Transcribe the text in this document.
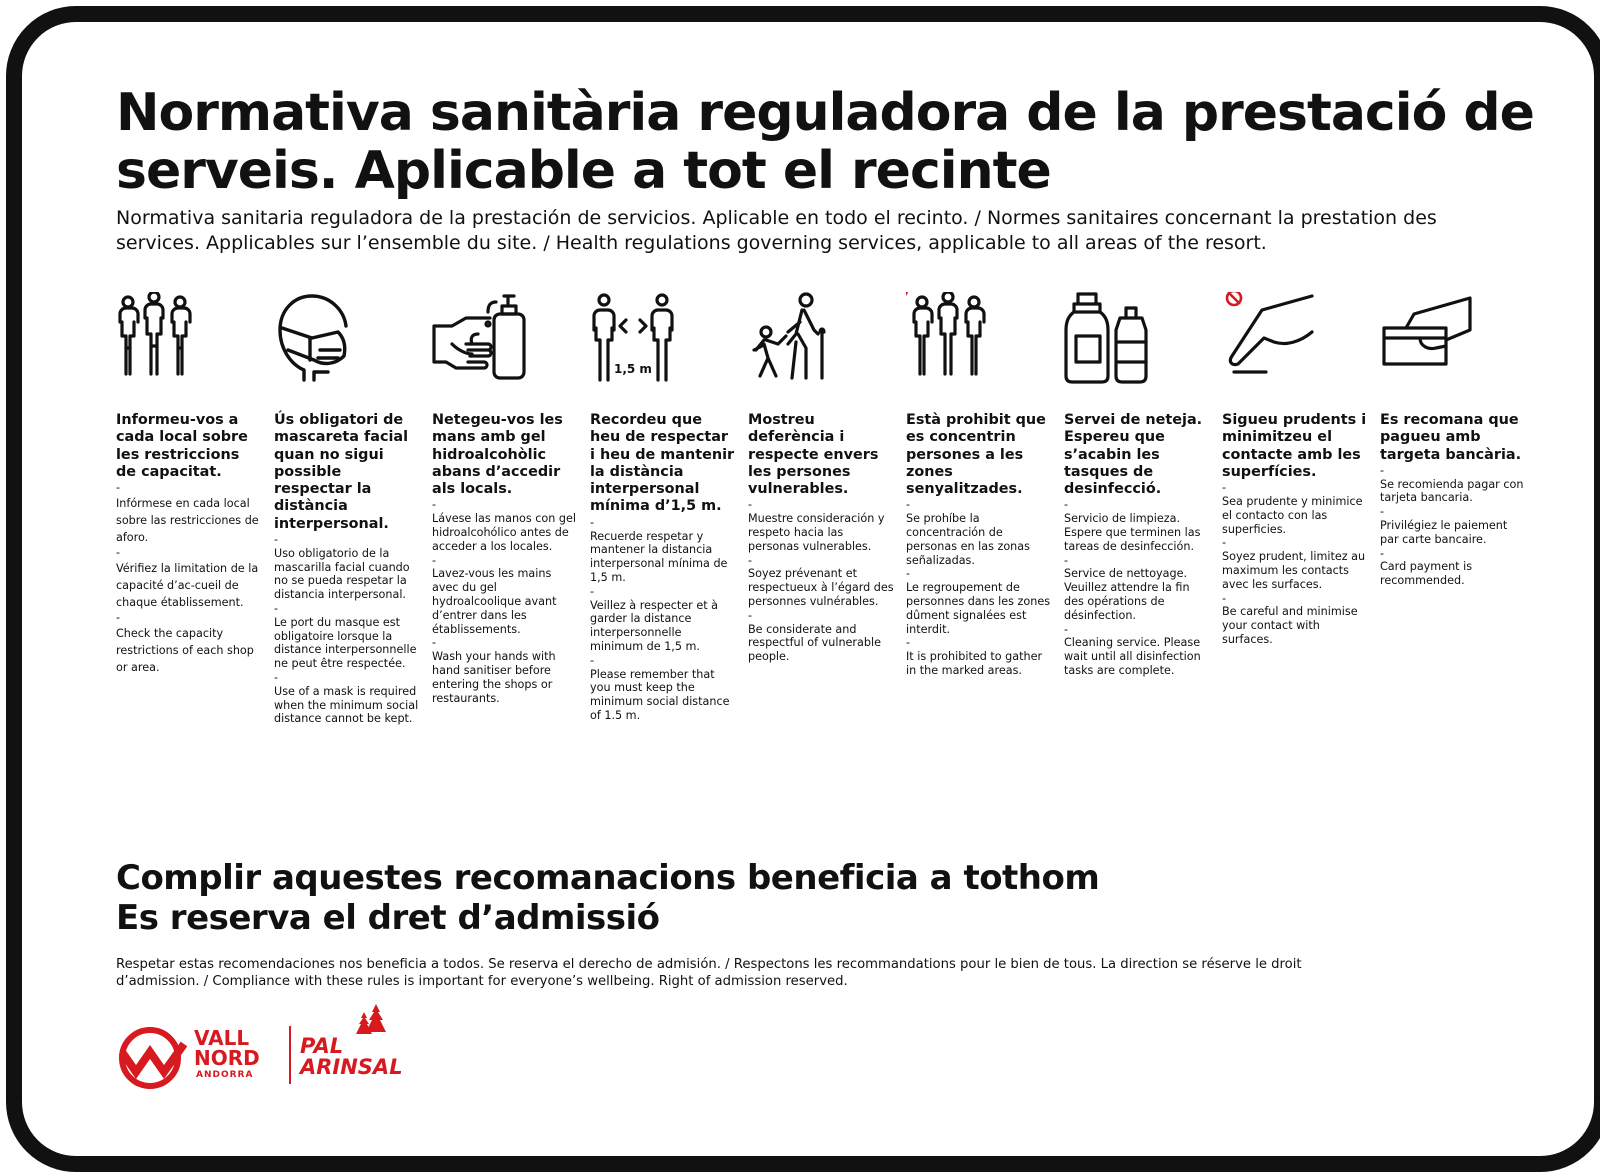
Normativa sanitària reguladora de la prestació de serveis. Aplicable a tot el recinte

Normativa sanitaria reguladora de la prestación de servicios. Aplicable en todo el recinto. / Normes sanitaires concernant la prestation des services. Applicables sur l’ensemble du site. / Health regulations governing services, applicable to all areas of the resort.

Informeu-vos a cada local sobre les restriccions de capacitat.
-
Infórmese en cada local sobre las restricciones de aforo.
-
Vérifiez la limitation de la capacité d’ac-cueil de chaque établissement.
-
Check the capacity restrictions of each shop or area.
Ús obligatori de mascareta facial quan no sigui possible respectar la distància interpersonal.
-
Uso obligatorio de la mascarilla facial cuando no se pueda respetar la distancia interpersonal.
-
Le port du masque est obligatoire lorsque la distance interpersonnelle ne peut être respectée.
-
Use of a mask is required when the minimum social distance cannot be kept.
Netegeu-vos les mans amb gel hidroalcohòlic abans d’accedir als locals.
-
Lávese las manos con gel hidroalcohólico antes de acceder a los locales.
-
Lavez-vous les mains avec du gel hydroalcoolique avant d’entrer dans les établissements.
-
Wash your hands with hand sanitiser before entering the shops or restaurants.
1,5 m
Recordeu que heu de respectar i heu de mantenir la distància interpersonal mínima d’1,5 m.
-
Recuerde respetar y mantener la distancia interpersonal mínima de 1,5 m.
-
Veillez à respecter et à garder la distance interpersonnelle minimum de 1,5 m.
-
Please remember that you must keep the minimum social distance of 1.5 m.
Mostreu deferència i respecte envers les persones vulnerables.
-
Muestre consideración y respeto hacia las personas vulnerables.
-
Soyez prévenant et respectueux à l’égard des personnes vulnérables.
-
Be considerate and respectful of vulnerable people.
Està prohibit que es concentrin persones a les zones senyalitzades.
-
Se prohíbe la concentración de personas en las zonas señalizadas.
-
Le regroupement de personnes dans les zones dûment signalées est interdit.
-
It is prohibited to gather in the marked areas.
Servei de neteja. Espereu que s’acabin les tasques de desinfecció.
-
Servicio de limpieza. Espere que terminen las tareas de desinfección.
-
Service de nettoyage. Veuillez attendre la fin des opérations de désinfection.
-
Cleaning service. Please wait until all disinfection tasks are complete.
Sigueu prudents i minimitzeu el contacte amb les superfícies.
-
Sea prudente y minimice el contacto con las superficies.
-
Soyez prudent, limitez au maximum les contacts avec les surfaces.
-
Be careful and minimise your contact with surfaces.
Es recomana que pagueu amb targeta bancària.
-
Se recomienda pagar con tarjeta bancaria.
-
Privilégiez le paiement par carte bancaire.
-
Card payment is recommended.
Complir aquestes recomanacions beneficia a tothom
Es reserva el dret d’admissió
Respetar estas recomendaciones nos beneficia a todos. Se reserva el derecho de admisión. / Respectons les recommandations pour le bien de tous. La direction se réserve le droit d’admission. / Compliance with these rules is important for everyone’s wellbeing. Right of admission reserved.
VALL
NORD
ANDORRA
PAL
ARINSAL
